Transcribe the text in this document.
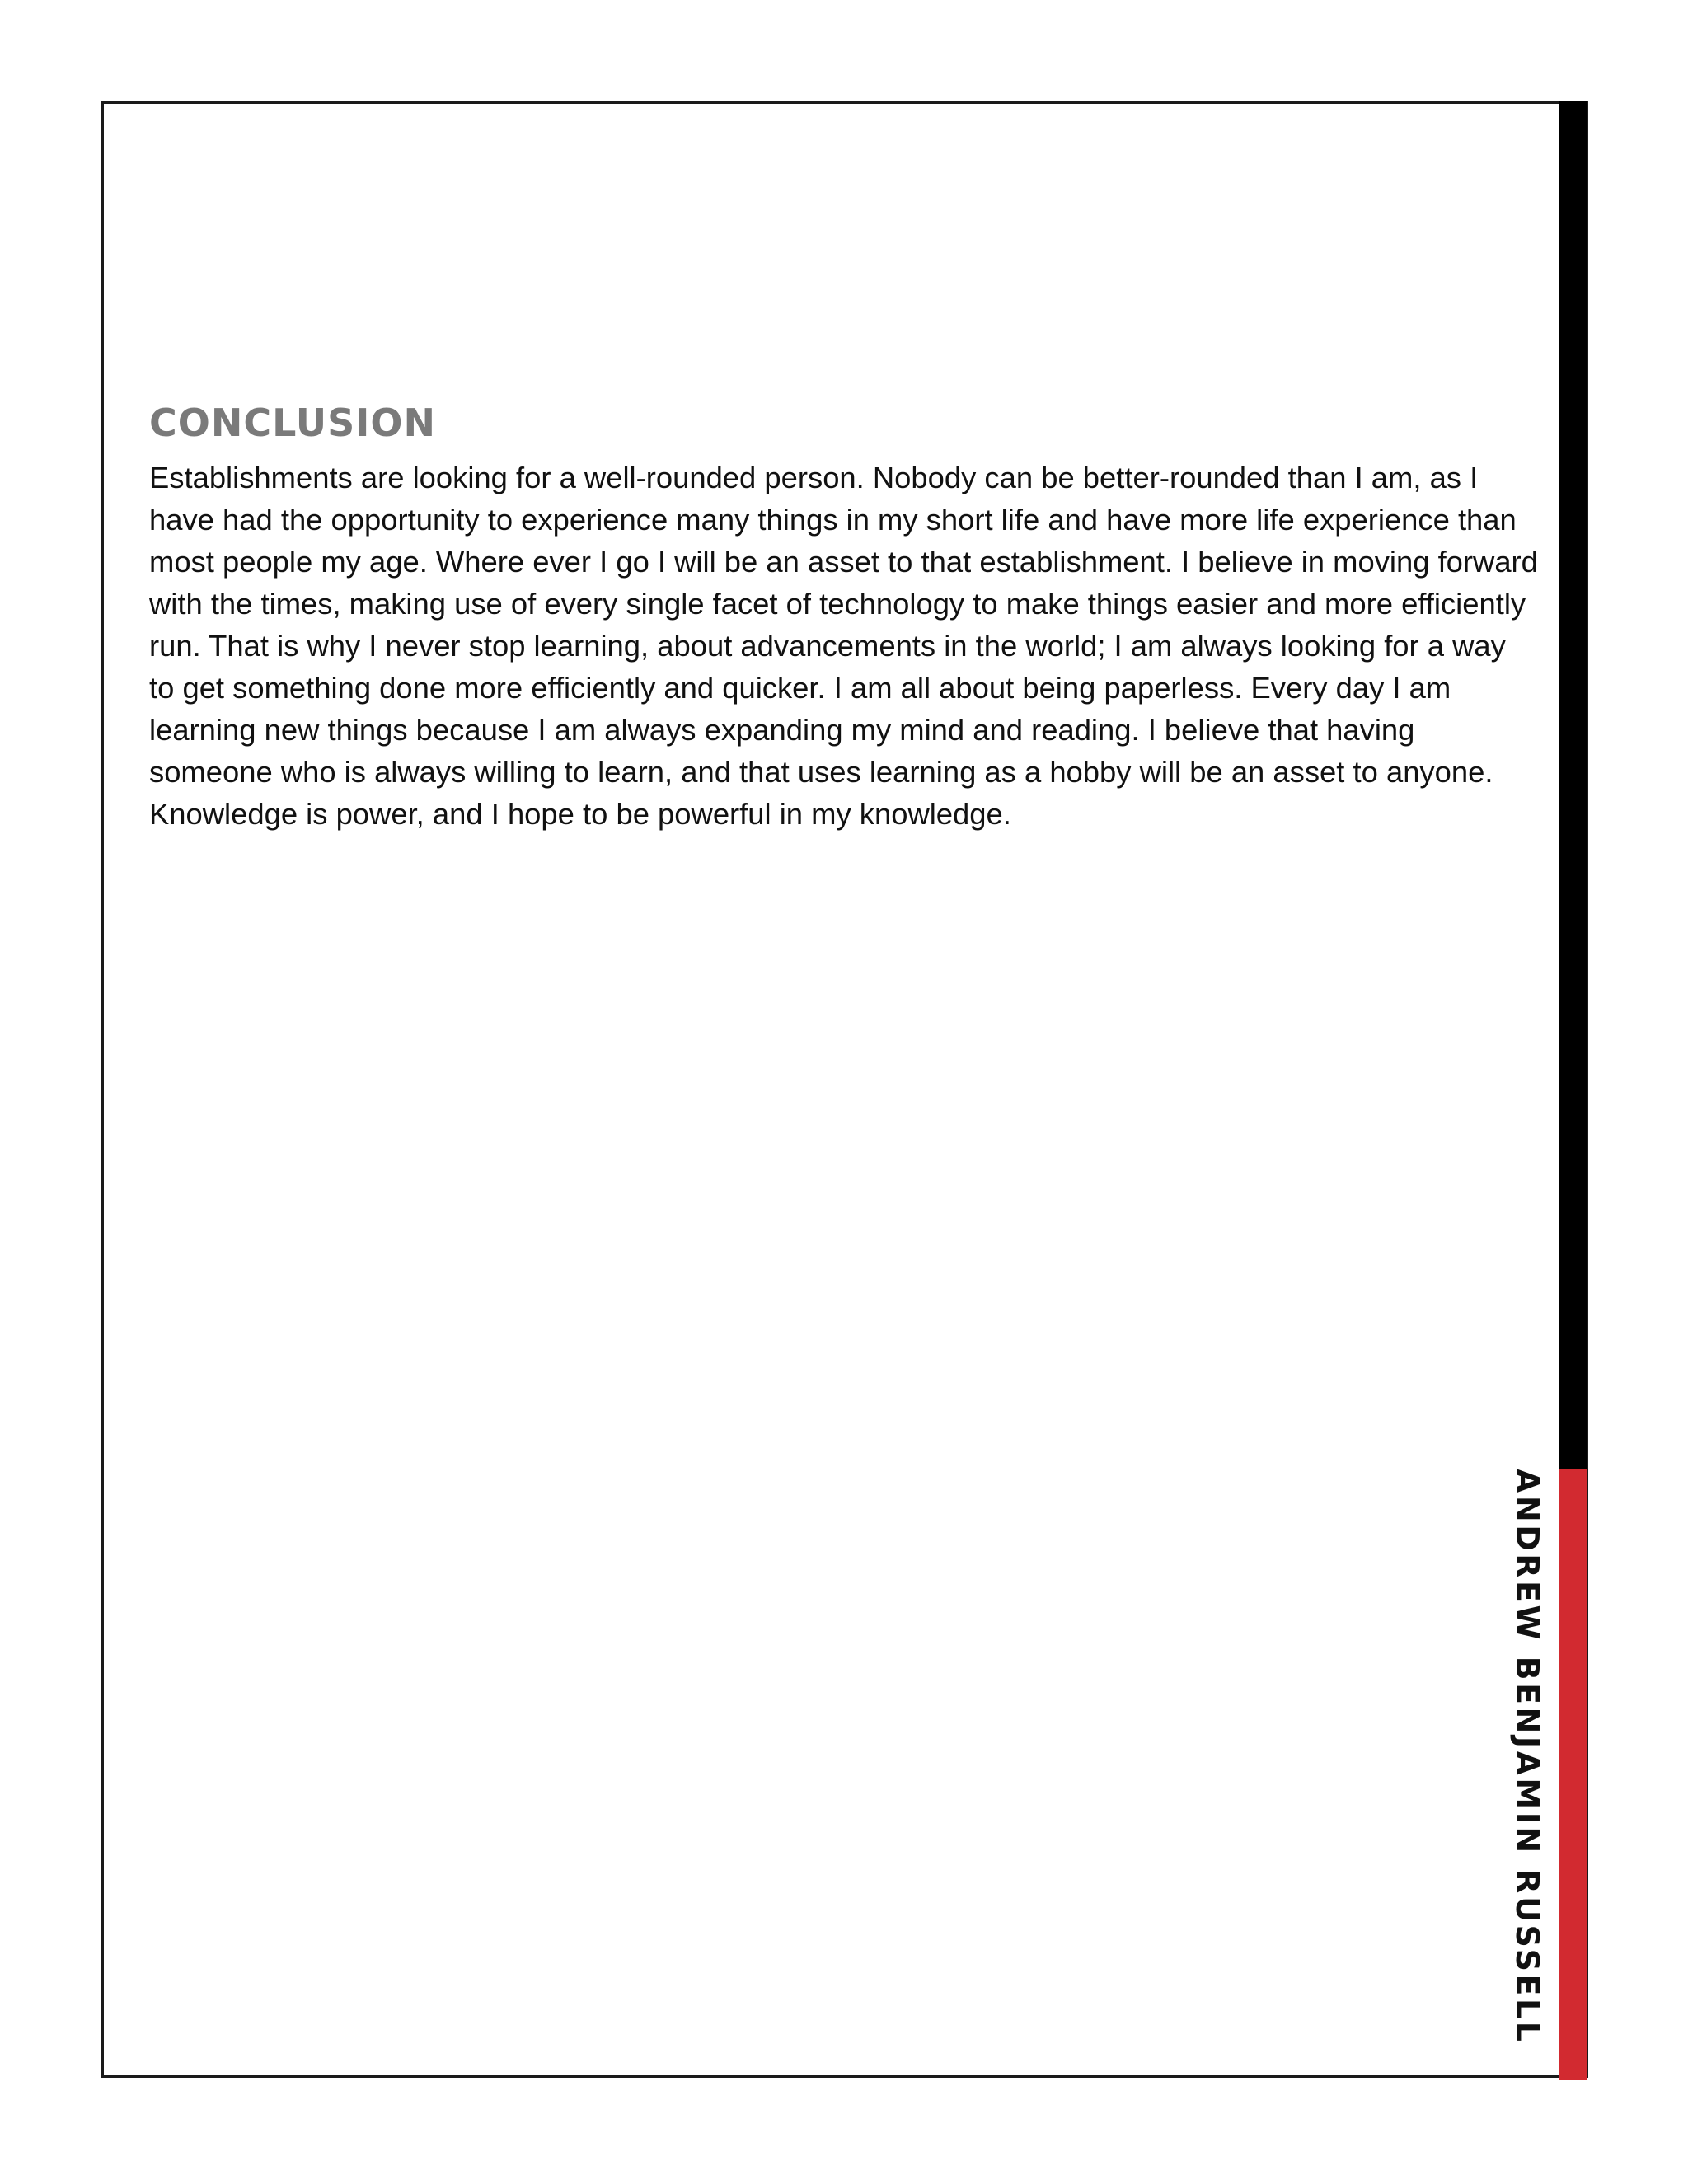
CONCLUSION

Establishments are looking for a well-rounded person. Nobody can be better-rounded than I am, as I have had the opportunity to experience many things in my short life and have more life experience than most people my age. Where ever I go I will be an asset to that establishment. I believe in moving forward with the times, making use of every single facet of technology to make things easier and more efficiently run. That is why I never stop learning, about advancements in the world; I am always looking for a way to get something done more efficiently and quicker. I am all about being paperless. Every day I am learning new things because I am always expanding my mind and reading. I believe that having someone who is always willing to learn, and that uses learning as a hobby will be an asset to anyone. Knowledge is power, and I hope to be powerful in my knowledge.

ANDREW BENJAMIN RUSSELL
